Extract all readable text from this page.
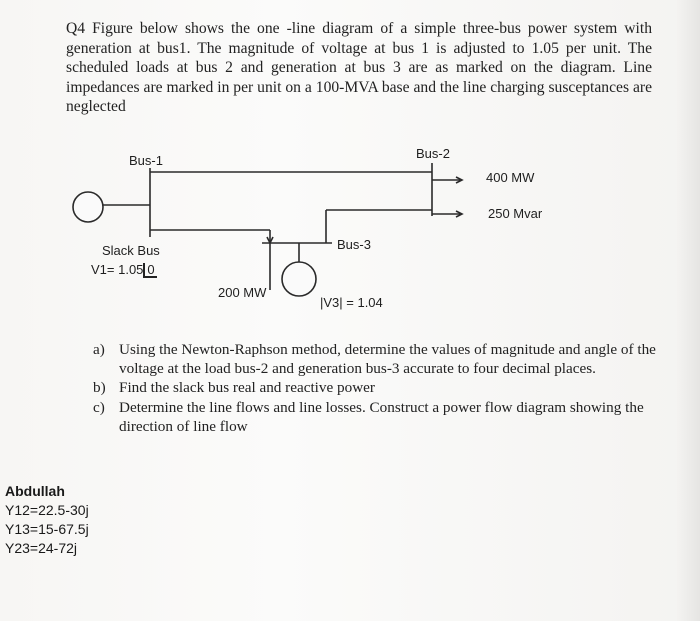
Q4 Figure below shows the one -line diagram of a simple three-bus power system with generation at bus1. The magnitude of voltage at bus 1 is adjusted to 1.05 per unit. The scheduled loads at bus 2 and generation at bus 3 are as marked on the diagram. Line impedances are marked in per unit on a 100-MVA base and the line charging susceptances are neglected
Bus-1	Bus-2
Bus-3
400 MW
250 Mvar
Slack Bus
V1= 1.05 0
200 MW
|V3| = 1.04
a) Using the Newton-Raphson method, determine the values of magnitude and angle of the voltage at the load bus-2 and generation bus-3 accurate to four decimal places.
b) Find the slack bus real and reactive power
c) Determine the line flows and line losses. Construct a power flow diagram showing the direction of line flow
Abdullah
Y12=22.5-30j
Y13=15-67.5j
Y23=24-72j
